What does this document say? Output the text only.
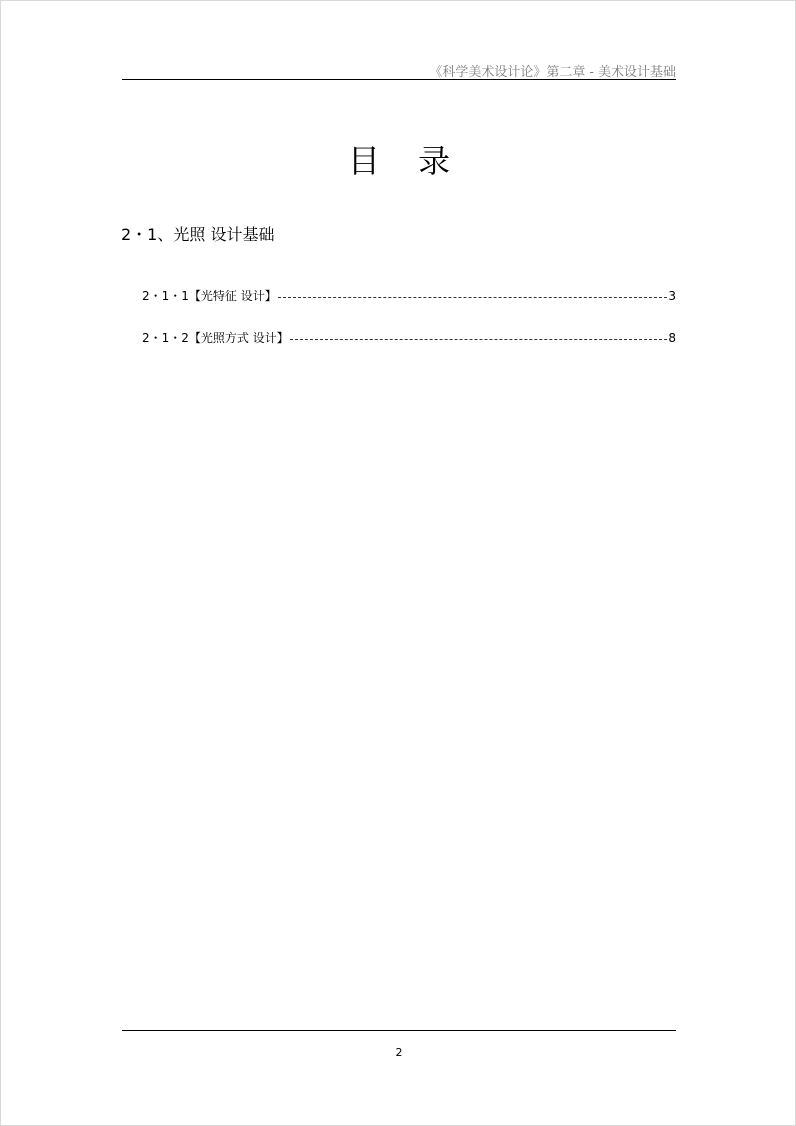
《科学美术设计论》第二章 - 美术设计基础
目 录
2・1、光照 设计基础
2・1・1【光特征 设计】	3
2・1・2【光照方式 设计】	8
2
